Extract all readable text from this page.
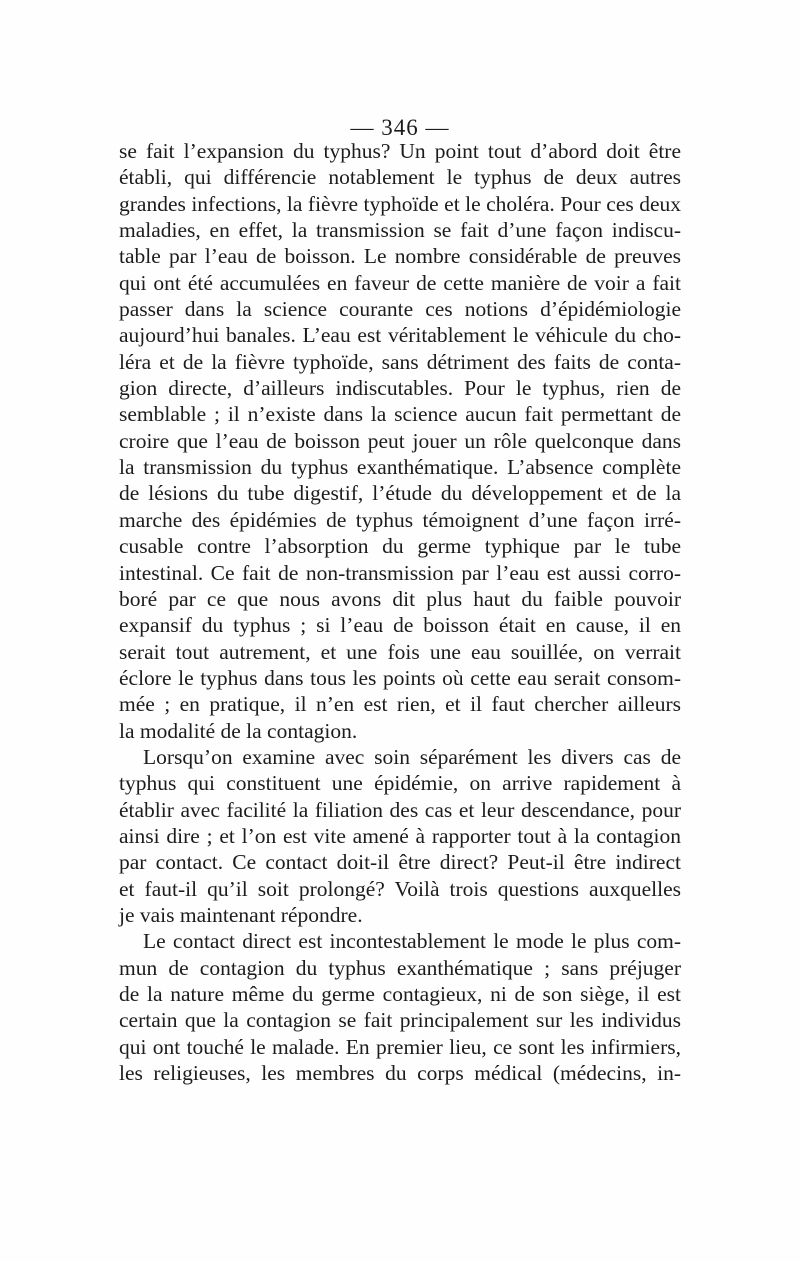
— 346 —
se fait l’expansion du typhus? Un point tout d’abord doit être
établi, qui différencie notablement le typhus de deux autres
grandes infections, la fièvre typhoïde et le choléra. Pour ces deux
maladies, en effet, la transmission se fait d’une façon indiscu-
table par l’eau de boisson. Le nombre considérable de preuves
qui ont été accumulées en faveur de cette manière de voir a fait
passer dans la science courante ces notions d’épidémiologie
aujourd’hui banales. L’eau est véritablement le véhicule du cho-
léra et de la fièvre typhoïde, sans détriment des faits de conta-
gion directe, d’ailleurs indiscutables. Pour le typhus, rien de
semblable ; il n’existe dans la science aucun fait permettant de
croire que l’eau de boisson peut jouer un rôle quelconque dans
la transmission du typhus exanthématique. L’absence complète
de lésions du tube digestif, l’étude du développement et de la
marche des épidémies de typhus témoignent d’une façon irré-
cusable contre l’absorption du germe typhique par le tube
intestinal. Ce fait de non-transmission par l’eau est aussi corro-
boré par ce que nous avons dit plus haut du faible pouvoir
expansif du typhus ; si l’eau de boisson était en cause, il en
serait tout autrement, et une fois une eau souillée, on verrait
éclore le typhus dans tous les points où cette eau serait consom-
mée ; en pratique, il n’en est rien, et il faut chercher ailleurs
la modalité de la contagion.
Lorsqu’on examine avec soin séparément les divers cas de
typhus qui constituent une épidémie, on arrive rapidement à
établir avec facilité la filiation des cas et leur descendance, pour
ainsi dire ; et l’on est vite amené à rapporter tout à la contagion
par contact. Ce contact doit-il être direct? Peut-il être indirect
et faut-il qu’il soit prolongé? Voilà trois questions auxquelles
je vais maintenant répondre.
Le contact direct est incontestablement le mode le plus com-
mun de contagion du typhus exanthématique ; sans préjuger
de la nature même du germe contagieux, ni de son siège, il est
certain que la contagion se fait principalement sur les individus
qui ont touché le malade. En premier lieu, ce sont les infirmiers,
les religieuses, les membres du corps médical (médecins, in-
